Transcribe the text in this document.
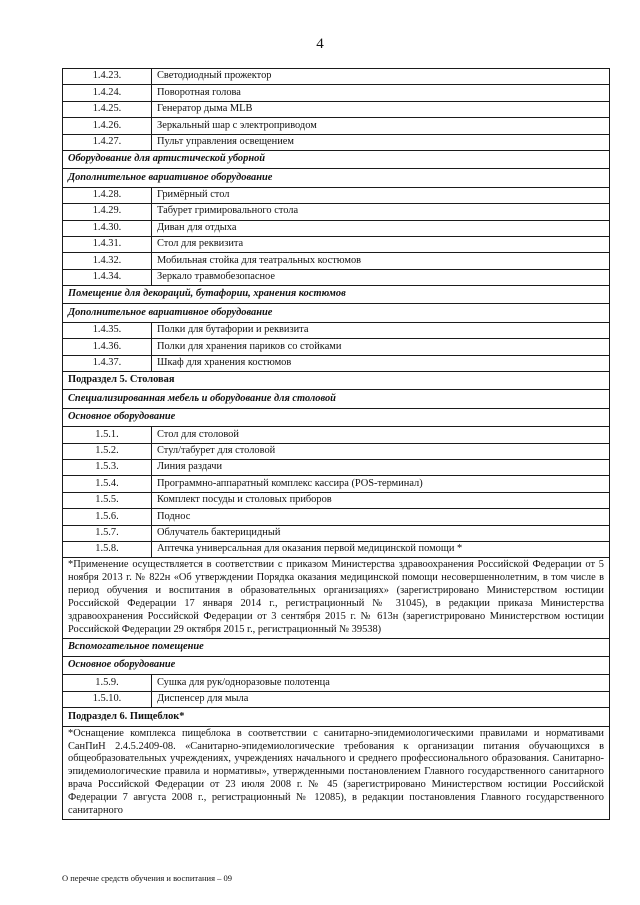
4
1.4.23.	Светодиодный прожектор
1.4.24.	Поворотная голова
1.4.25.	Генератор дыма MLB
1.4.26.	Зеркальный шар с электроприводом
1.4.27.	Пульт управления освещением
Оборудование для артистической уборной	
Дополнительное вариативное оборудование	
1.4.28.	Гримёрный стол
1.4.29.	Табурет гримировального стола
1.4.30.	Диван для отдыха
1.4.31.	Стол для реквизита
1.4.32.	Мобильная стойка для театральных костюмов
1.4.34.	Зеркало травмобезопасное
Помещение для декораций, бутафории, хранения костюмов	
Дополнительное вариативное оборудование	
1.4.35.	Полки для бутафории и реквизита
1.4.36.	Полки для хранения париков со стойками
1.4.37.	Шкаф для хранения костюмов
Подраздел 5. Столовая	
Специализированная мебель и оборудование для столовой	
Основное оборудование	
1.5.1.	Стол для столовой
1.5.2.	Стул/табурет для столовой
1.5.3.	Линия раздачи
1.5.4.	Программно-аппаратный комплекс кассира (POS-терминал)
1.5.5.	Комплект посуды и столовых приборов
1.5.6.	Поднос
1.5.7.	Облучатель бактерицидный
1.5.8.	Аптечка универсальная для оказания первой медицинской помощи *
*Применение осуществляется в соответствии с приказом Министерства здравоохранения Российской Федерации от 5 ноября 2013 г. № 822н «Об утверждении Порядка оказания медицинской помощи несовершеннолетним, в том числе в период обучения и воспитания в образовательных организациях» (зарегистрировано Министерством юстиции Российской Федерации 17 января 2014 г., регистрационный № 31045), в редакции приказа Министерства здравоохранения Российской Федерации от 3 сентября 2015 г. № 613н (зарегистрировано Министерством юстиции Российской Федерации 29 октября 2015 г., регистрационный № 39538)	
Вспомогательное помещение	
Основное оборудование	
1.5.9.	Сушка для рук/одноразовые полотенца
1.5.10.	Диспенсер для мыла
Подраздел 6. Пищеблок*	
*Оснащение комплекса пищеблока в соответствии с санитарно-эпидемиологическими правилами и нормативами СанПиН 2.4.5.2409-08. «Санитарно-эпидемиологические требования к организации питания обучающихся в общеобразовательных учреждениях, учреждениях начального и среднего профессионального образования. Санитарно-эпидемиологические правила и нормативы», утвержденными постановлением Главного государственного санитарного врача Российской Федерации от 23 июля 2008 г. № 45 (зарегистрировано Министерством юстиции Российской Федерации 7 августа 2008 г., регистрационный № 12085), в редакции постановления Главного государственного санитарного	
О перечне средств обучения и воспитания – 09
